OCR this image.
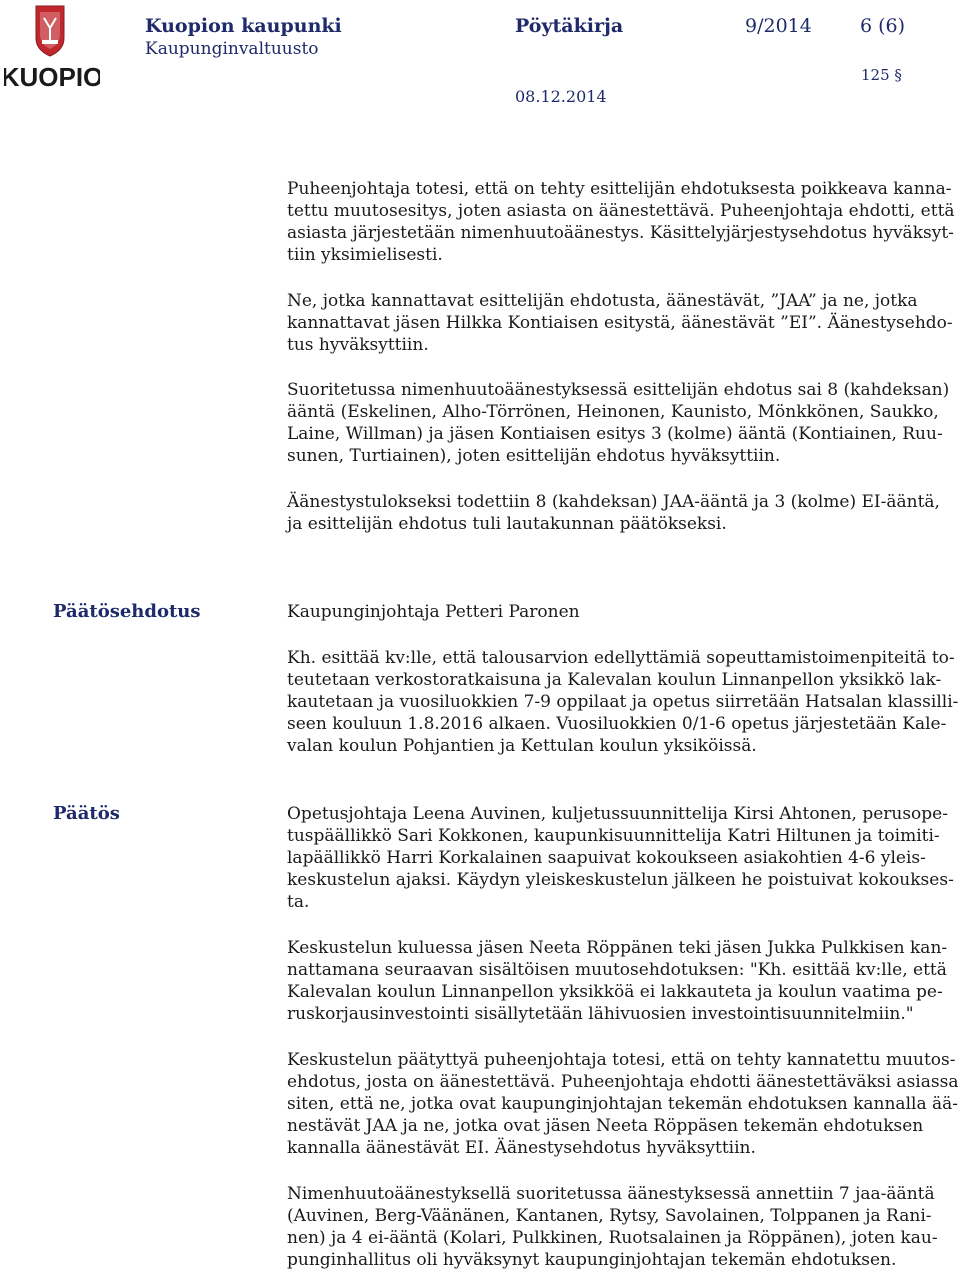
KUOPIO
Kuopion kaupunki
Kaupunginvaltuusto
Pöytäkirja	9/2014	6 (6)
125 §
08.12.2014

Puheenjohtaja totesi, että on tehty esittelijän ehdotuksesta poikkeava kanna-
tettu muutosesitys, joten asiasta on äänestettävä. Puheenjohtaja ehdotti, että
asiasta järjestetään nimenhuutoäänestys. Käsittelyjärjestysehdotus hyväksyt-
tiin yksimielisesti.

Ne, jotka kannattavat esittelijän ehdotusta, äänestävät, ”JAA” ja ne, jotka
kannattavat jäsen Hilkka Kontiaisen esitystä, äänestävät ”EI”. Äänestysehdo-
tus hyväksyttiin.

Suoritetussa nimenhuutoäänestyksessä esittelijän ehdotus sai 8 (kahdeksan)
ääntä (Eskelinen, Alho-Törrönen, Heinonen, Kaunisto, Mönkkönen, Saukko,
Laine, Willman) ja jäsen Kontiaisen esitys 3 (kolme) ääntä (Kontiainen, Ruu-
sunen, Turtiainen), joten esittelijän ehdotus hyväksyttiin.

Äänestystulokseksi todettiin 8 (kahdeksan) JAA-ääntä ja 3 (kolme) EI-ääntä,
ja esittelijän ehdotus tuli lautakunnan päätökseksi.

Päätösehdotus	Kaupunginjohtaja Petteri Paronen

Kh. esittää kv:lle, että talousarvion edellyttämiä sopeuttamistoimenpiteitä to-
teutetaan verkostoratkaisuna ja Kalevalan koulun Linnanpellon yksikkö lak-
kautetaan ja vuosiluokkien 7-9 oppilaat ja opetus siirretään Hatsalan klassilli-
seen kouluun 1.8.2016 alkaen. Vuosiluokkien 0/1-6 opetus järjestetään Kale-
valan koulun Pohjantien ja Kettulan koulun yksiköissä.

Päätös	Opetusjohtaja Leena Auvinen, kuljetussuunnittelija Kirsi Ahtonen, perusope-
tuspäällikkö Sari Kokkonen, kaupunkisuunnittelija Katri Hiltunen ja toimiti-
lapäällikkö Harri Korkalainen saapuivat kokoukseen asiakohtien 4-6 yleis-
keskustelun ajaksi. Käydyn yleiskeskustelun jälkeen he poistuivat kokoukses-
ta.

Keskustelun kuluessa jäsen Neeta Röppänen teki jäsen Jukka Pulkkisen kan-
nattamana seuraavan sisältöisen muutosehdotuksen: "Kh. esittää kv:lle, että
Kalevalan koulun Linnanpellon yksikköä ei lakkauteta ja koulun vaatima pe-
ruskorjausinvestointi sisällytetään lähivuosien investointisuunnitelmiin."

Keskustelun päätyttyä puheenjohtaja totesi, että on tehty kannatettu muutos-
ehdotus, josta on äänestettävä. Puheenjohtaja ehdotti äänestettäväksi asiassa
siten, että ne, jotka ovat kaupunginjohtajan tekemän ehdotuksen kannalla ää-
nestävät JAA ja ne, jotka ovat jäsen Neeta Röppäsen tekemän ehdotuksen
kannalla äänestävät EI. Äänestysehdotus hyväksyttiin.

Nimenhuutoäänestyksellä suoritetussa äänestyksessä annettiin 7 jaa-ääntä
(Auvinen, Berg-Väänänen, Kantanen, Rytsy, Savolainen, Tolppanen ja Rani-
nen) ja 4 ei-ääntä (Kolari, Pulkkinen, Ruotsalainen ja Röppänen), joten kau-
punginhallitus oli hyväksynyt kaupunginjohtajan tekemän ehdotuksen.
